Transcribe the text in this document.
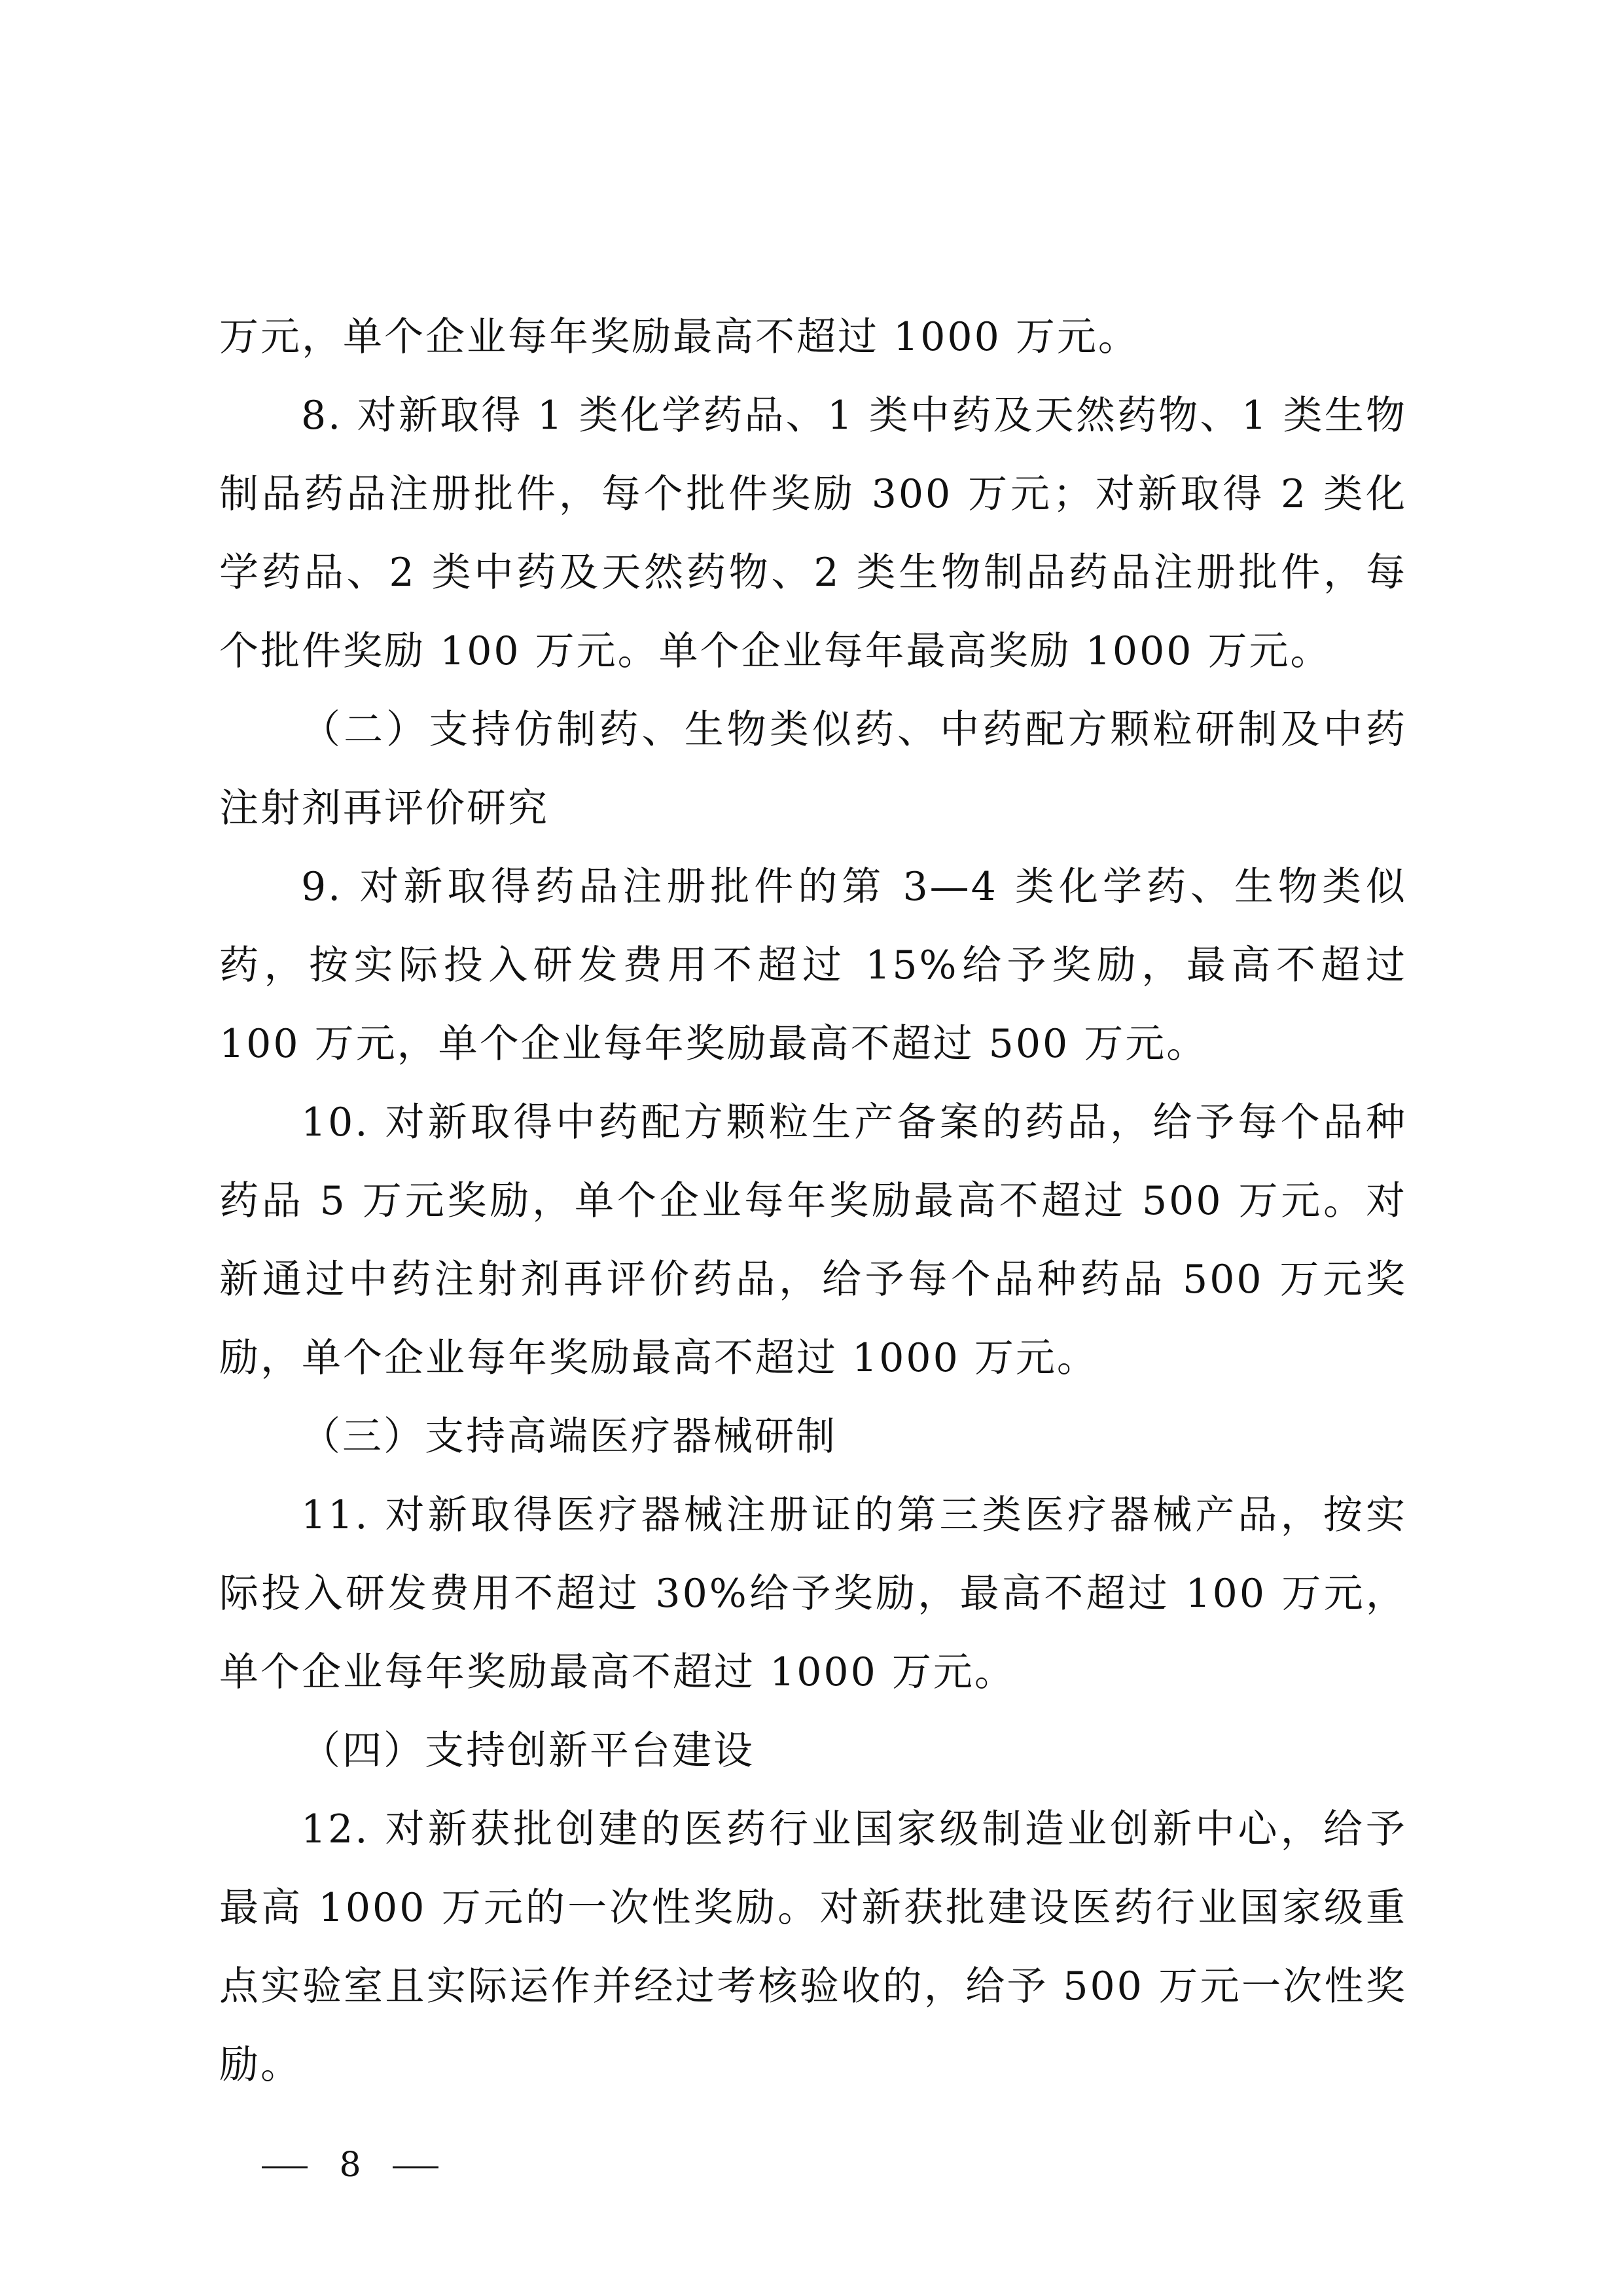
万元，单个企业每年奖励最高不超过 1000 万元。

8. 对新取得 1 类化学药品、1 类中药及天然药物、1 类生物制品药品注册批件，每个批件奖励 300 万元；对新取得 2 类化学药品、2 类中药及天然药物、2 类生物制品药品注册批件，每个批件奖励 100 万元。单个企业每年最高奖励 1000 万元。

（二）支持仿制药、生物类似药、中药配方颗粒研制及中药注射剂再评价研究

9. 对新取得药品注册批件的第 3—4 类化学药、生物类似药，按实际投入研发费用不超过 15%给予奖励，最高不超过 100 万元，单个企业每年奖励最高不超过 500 万元。

10. 对新取得中药配方颗粒生产备案的药品，给予每个品种药品 5 万元奖励，单个企业每年奖励最高不超过 500 万元。对新通过中药注射剂再评价药品，给予每个品种药品 500 万元奖励，单个企业每年奖励最高不超过 1000 万元。

（三）支持高端医疗器械研制

11. 对新取得医疗器械注册证的第三类医疗器械产品，按实际投入研发费用不超过 30%给予奖励，最高不超过 100 万元，单个企业每年奖励最高不超过 1000 万元。

（四）支持创新平台建设

12. 对新获批创建的医药行业国家级制造业创新中心，给予最高 1000 万元的一次性奖励。对新获批建设医药行业国家级重点实验室且实际运作并经过考核验收的，给予 500 万元一次性奖励。

8
